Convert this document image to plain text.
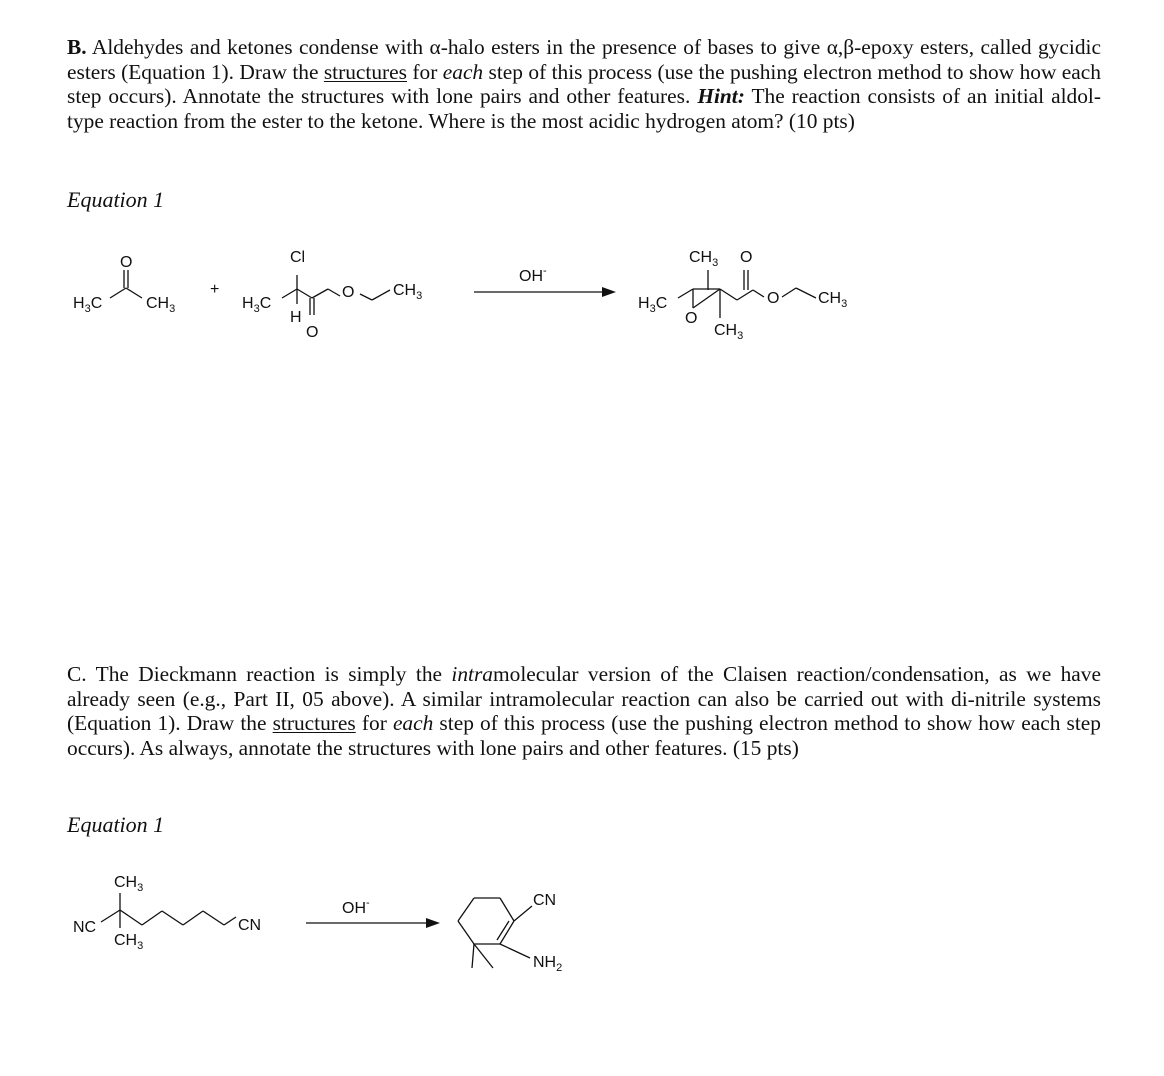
B. Aldehydes and ketones condense with α-halo esters in the presence of bases to give α,β-epoxy esters, called gycidic esters (Equation 1). Draw the structures for each step of this process (use the pushing electron method to show how each step occurs). Annotate the structures with lone pairs and other features. Hint: The reaction consists of an initial aldol-type reaction from the ester to the ketone. Where is the most acidic hydrogen atom? (10 pts)
Equation 1
C. The Dieckmann reaction is simply the intramolecular version of the Claisen reaction/condensation, as we have already seen (e.g., Part II, 05 above). A similar intramolecular reaction can also be carried out with di-nitrile systems (Equation 1). Draw the structures for each step of this process (use the pushing electron method to show how each step occurs). As always, annotate the structures with lone pairs and other features. (15 pts)
Equation 1
O
$H_3C$	$CH_3$
+
Cl
$H_3C$
H
O
O $CH_3$
OH-
$CH_3$ O
$H_3C$
O
O $CH_3$
$CH_3$
$CH_3$
NC
$CH_3$
CN
OH-	CN
$NH_2$
